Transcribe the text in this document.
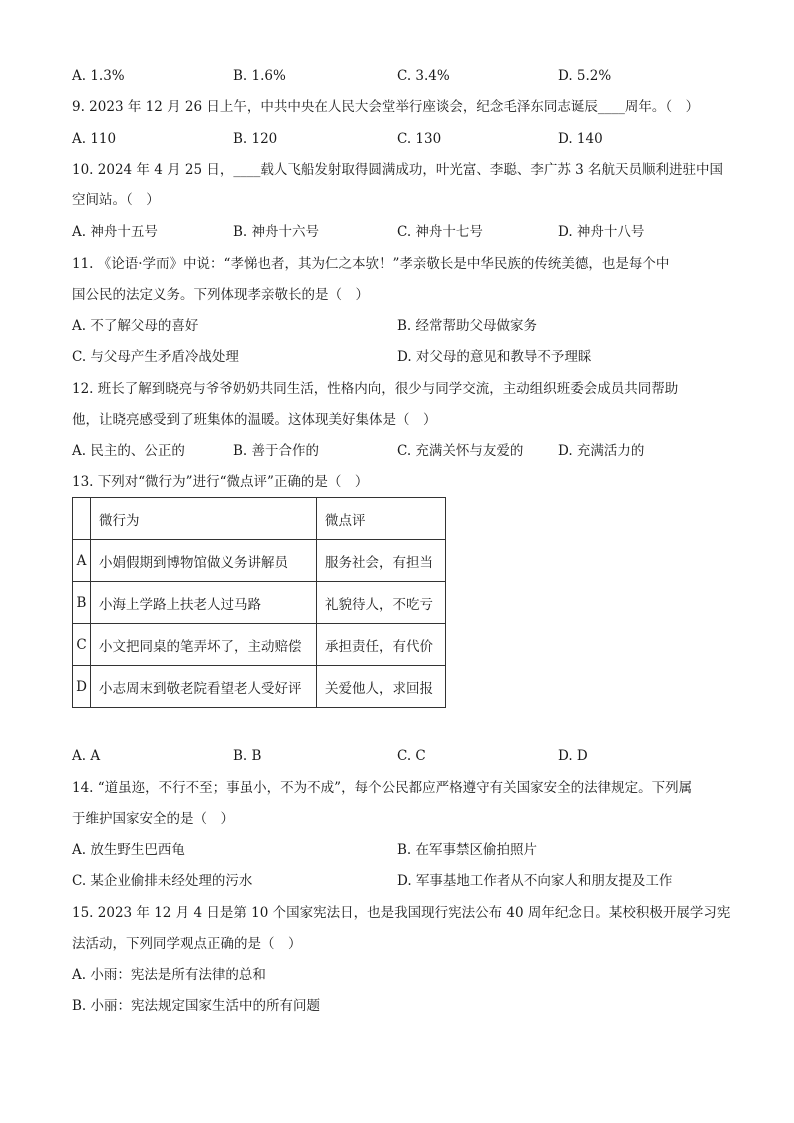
A. 1.3%	B. 1.6%	C. 3.4%	D. 5.2%
9. 2023 年 12 月 26 日上午，中共中央在人民大会堂举行座谈会，纪念毛泽东同志诞辰____周年。（　）
A. 110	B. 120	C. 130	D. 140
10. 2024 年 4 月 25 日，____载人飞船发射取得圆满成功，叶光富、李聪、李广苏 3 名航天员顺利进驻中国
空间站。（　）
A. 神舟十五号	B. 神舟十六号	C. 神舟十七号	D. 神舟十八号
11. 《论语·学而》中说：“孝悌也者，其为仁之本欤！”孝亲敬长是中华民族的传统美德，也是每个中
国公民的法定义务。下列体现孝亲敬长的是（　）
A. 不了解父母的喜好	B. 经常帮助父母做家务
C. 与父母产生矛盾冷战处理	D. 对父母的意见和教导不予理睬
12. 班长了解到晓亮与爷爷奶奶共同生活，性格内向，很少与同学交流，主动组织班委会成员共同帮助
他，让晓亮感受到了班集体的温暖。这体现美好集体是（　）
A. 民主的、公正的	B. 善于合作的	C. 充满关怀与友爱的	D. 充满活力的
13. 下列对“微行为”进行“微点评”正确的是（　）
	微行为	微点评
A	小娟假期到博物馆做义务讲解员	服务社会，有担当
B	小海上学路上扶老人过马路	礼貌待人，不吃亏
C	小文把同桌的笔弄坏了，主动赔偿	承担责任，有代价
D	小志周末到敬老院看望老人受好评	关爱他人，求回报
A. A	B. B	C. C	D. D
14. “道虽迩，不行不至；事虽小，不为不成”，每个公民都应严格遵守有关国家安全的法律规定。下列属
于维护国家安全的是（　）
A. 放生野生巴西龟	B. 在军事禁区偷拍照片
C. 某企业偷排未经处理的污水	D. 军事基地工作者从不向家人和朋友提及工作
15. 2023 年 12 月 4 日是第 10 个国家宪法日，也是我国现行宪法公布 40 周年纪念日。某校积极开展学习宪
法活动，下列同学观点正确的是（　）
A. 小雨：宪法是所有法律的总和
B. 小丽：宪法规定国家生活中的所有问题
